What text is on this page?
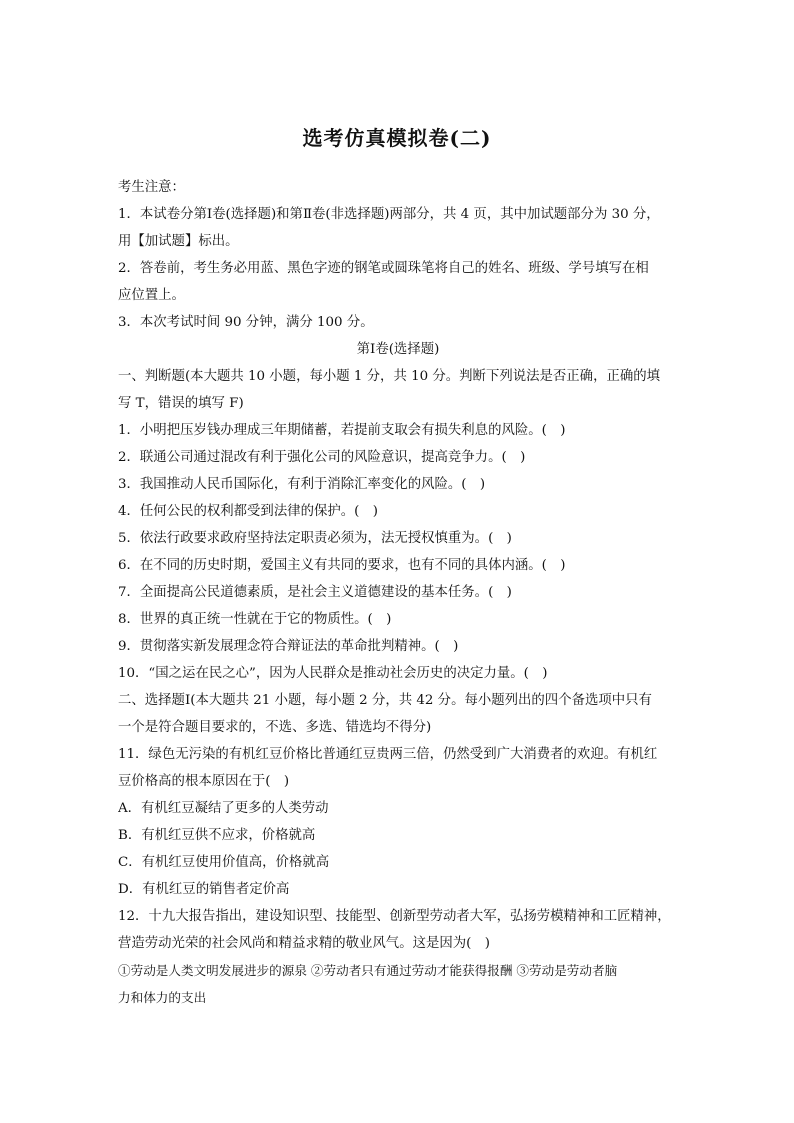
选考仿真模拟卷(二)
考生注意：
1．本试卷分第Ⅰ卷(选择题)和第Ⅱ卷(非选择题)两部分，共 4 页，其中加试题部分为 30 分，
用【加试题】标出。
2．答卷前，考生务必用蓝、黑色字迹的钢笔或圆珠笔将自己的姓名、班级、学号填写在相
应位置上。
3．本次考试时间 90 分钟，满分 100 分。
第Ⅰ卷(选择题)
一、判断题(本大题共 10 小题，每小题 1 分，共 10 分。判断下列说法是否正确，正确的填
写 T，错误的填写 F)
1．小明把压岁钱办理成三年期储蓄，若提前支取会有损失利息的风险。(　)
2．联通公司通过混改有利于强化公司的风险意识，提高竞争力。(　)
3．我国推动人民币国际化，有利于消除汇率变化的风险。(　)
4．任何公民的权利都受到法律的保护。(　)
5．依法行政要求政府坚持法定职责必须为，法无授权慎重为。(　)
6．在不同的历史时期，爱国主义有共同的要求，也有不同的具体内涵。(　)
7．全面提高公民道德素质，是社会主义道德建设的基本任务。(　)
8．世界的真正统一性就在于它的物质性。(　)
9．贯彻落实新发展理念符合辩证法的革命批判精神。(　)
10．“国之运在民之心”，因为人民群众是推动社会历史的决定力量。(　)
二、选择题Ⅰ(本大题共 21 小题，每小题 2 分，共 42 分。每小题列出的四个备选项中只有
一个是符合题目要求的，不选、多选、错选均不得分)
11．绿色无污染的有机红豆价格比普通红豆贵两三倍，仍然受到广大消费者的欢迎。有机红
豆价格高的根本原因在于(　)
A．有机红豆凝结了更多的人类劳动
B．有机红豆供不应求，价格就高
C．有机红豆使用价值高，价格就高
D．有机红豆的销售者定价高
12．十九大报告指出，建设知识型、技能型、创新型劳动者大军，弘扬劳模精神和工匠精神，
营造劳动光荣的社会风尚和精益求精的敬业风气。这是因为(　)
①劳动是人类文明发展进步的源泉 ②劳动者只有通过劳动才能获得报酬 ③劳动是劳动者脑
力和体力的支出
